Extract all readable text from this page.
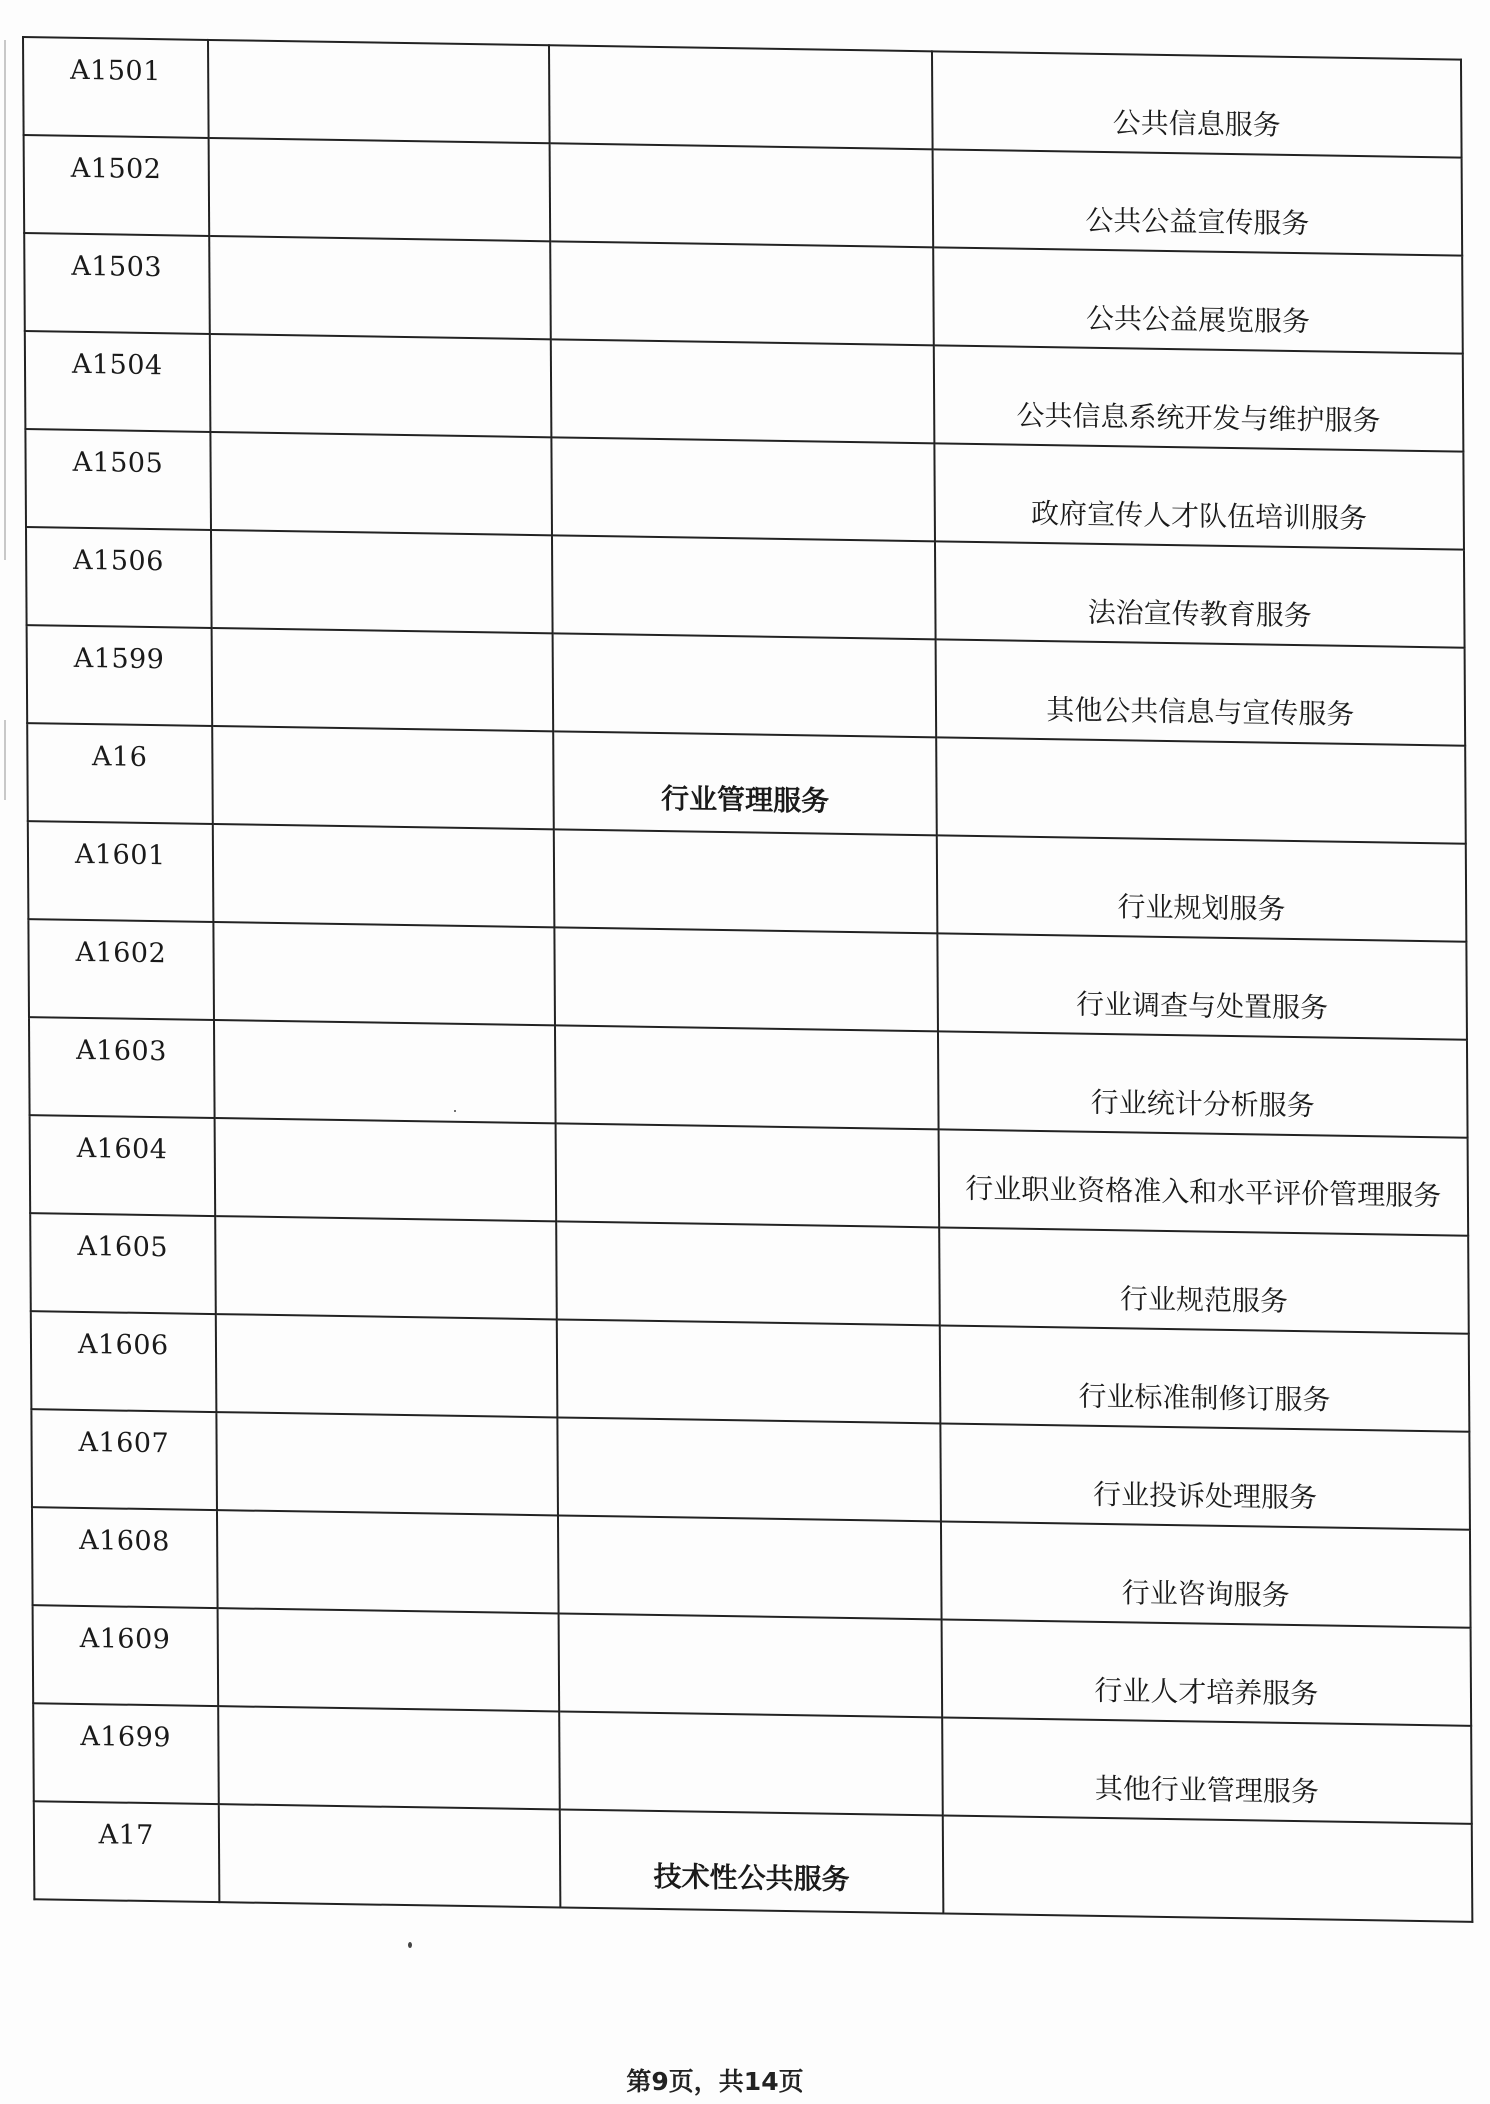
A1501			公共信息服务
A1502			公共公益宣传服务
A1503			公共公益展览服务
A1504			公共信息系统开发与维护服务
A1505			政府宣传人才队伍培训服务
A1506			法治宣传教育服务
A1599			其他公共信息与宣传服务
A16		行业管理服务	
A1601			行业规划服务
A1602			行业调查与处置服务
A1603			行业统计分析服务
A1604			行业职业资格准入和水平评价管理服务
A1605			行业规范服务
A1606			行业标准制修订服务
A1607			行业投诉处理服务
A1608			行业咨询服务
A1609			行业人才培养服务
A1699			其他行业管理服务
A17		技术性公共服务	
第9页，共14页
